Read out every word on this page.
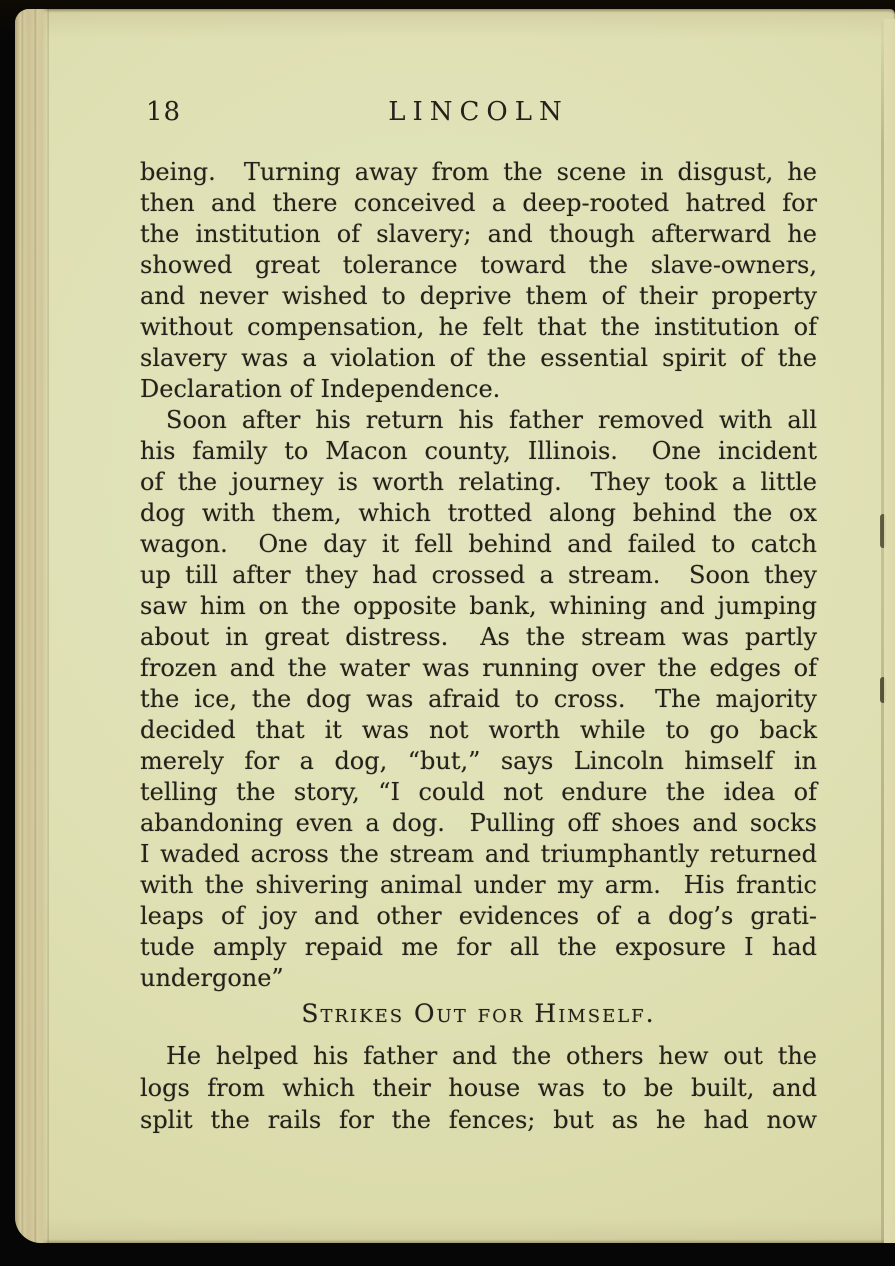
18	LINCOLN
being.  Turning away from the scene in disgust, he
then and there conceived a deep-rooted hatred for
the institution of slavery; and though afterward he
showed great tolerance toward the slave-owners,
and never wished to deprive them of their property
without compensation, he felt that the institution of
slavery was a violation of the essential spirit of the
Declaration of Independence.
Soon after his return his father removed with all
his family to Macon county, Illinois.  One incident
of the journey is worth relating.  They took a little
dog with them, which trotted along behind the ox
wagon.  One day it fell behind and failed to catch
up till after they had crossed a stream.  Soon they
saw him on the opposite bank, whining and jumping
about in great distress.  As the stream was partly
frozen and the water was running over the edges of
the ice, the dog was afraid to cross.  The majority
decided that it was not worth while to go back
merely for a dog, “but,” says Lincoln himself in
telling the story, “I could not endure the idea of
abandoning even a dog.  Pulling off shoes and socks
I waded across the stream and triumphantly returned
with the shivering animal under my arm.  His frantic
leaps of joy and other evidences of a dog’s grati-
tude amply repaid me for all the exposure I had
undergone”
Strikes Out for Himself.
He helped his father and the others hew out the
logs from which their house was to be built, and
split the rails for the fences; but as he had now
